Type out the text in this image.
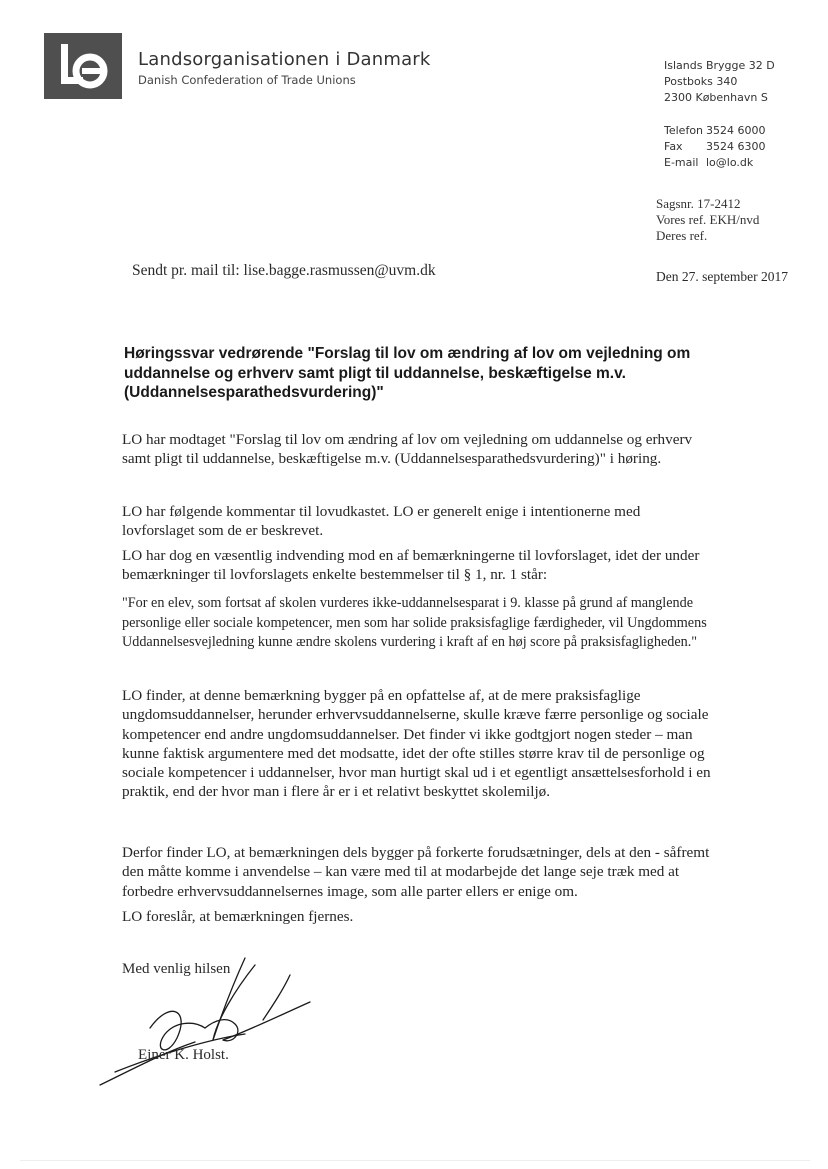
Landsorganisationen i Danmark
Danish Confederation of Trade Unions
Islands Brygge 32 D
Postboks 340
2300 København S
Telefon 3524 6000
Fax 3524 6300
E-mail lo@lo.dk
Sagsnr. 17-2412
Vores ref. EKH/nvd
Deres ref.
Sendt pr. mail til: lise.bagge.rasmussen@uvm.dk	Den 27. september 2017
Høringssvar vedrørende "Forslag til lov om ændring af lov om vejledning om uddannelse og erhverv samt pligt til uddannelse, beskæftigelse m.v. (Uddannelsesparathedsvurdering)"
LO har modtaget "Forslag til lov om ændring af lov om vejledning om uddannelse og erhverv samt pligt til uddannelse, beskæftigelse m.v. (Uddannelsesparathedsvurdering)" i høring.
LO har følgende kommentar til lovudkastet. LO er generelt enige i intentionerne med lovforslaget som de er beskrevet.
LO har dog en væsentlig indvending mod en af bemærkningerne til lovforslaget, idet der under bemærkninger til lovforslagets enkelte bestemmelser til § 1, nr. 1 står:
"For en elev, som fortsat af skolen vurderes ikke-uddannelsesparat i 9. klasse på grund af manglende personlige eller sociale kompetencer, men som har solide praksisfaglige færdigheder, vil Ungdommens Uddannelsesvejledning kunne ændre skolens vurdering i kraft af en høj score på praksisfagligheden."
LO finder, at denne bemærkning bygger på en opfattelse af, at de mere praksisfaglige ungdomsuddannelser, herunder erhvervsuddannelserne, skulle kræve færre personlige og sociale kompetencer end andre ungdomsuddannelser. Det finder vi ikke godtgjort nogen steder – man kunne faktisk argumentere med det modsatte, idet der ofte stilles større krav til de personlige og sociale kompetencer i uddannelser, hvor man hurtigt skal ud i et egentligt ansættelsesforhold i en praktik, end der hvor man i flere år er i et relativt beskyttet skolemiljø.
Derfor finder LO, at bemærkningen dels bygger på forkerte forudsætninger, dels at den - såfremt den måtte komme i anvendelse – kan være med til at modarbejde det lange seje træk med at forbedre erhvervsuddannelsernes image, som alle parter ellers er enige om.
LO foreslår, at bemærkningen fjernes.
Med venlig hilsen
Ejner K. Holst.
